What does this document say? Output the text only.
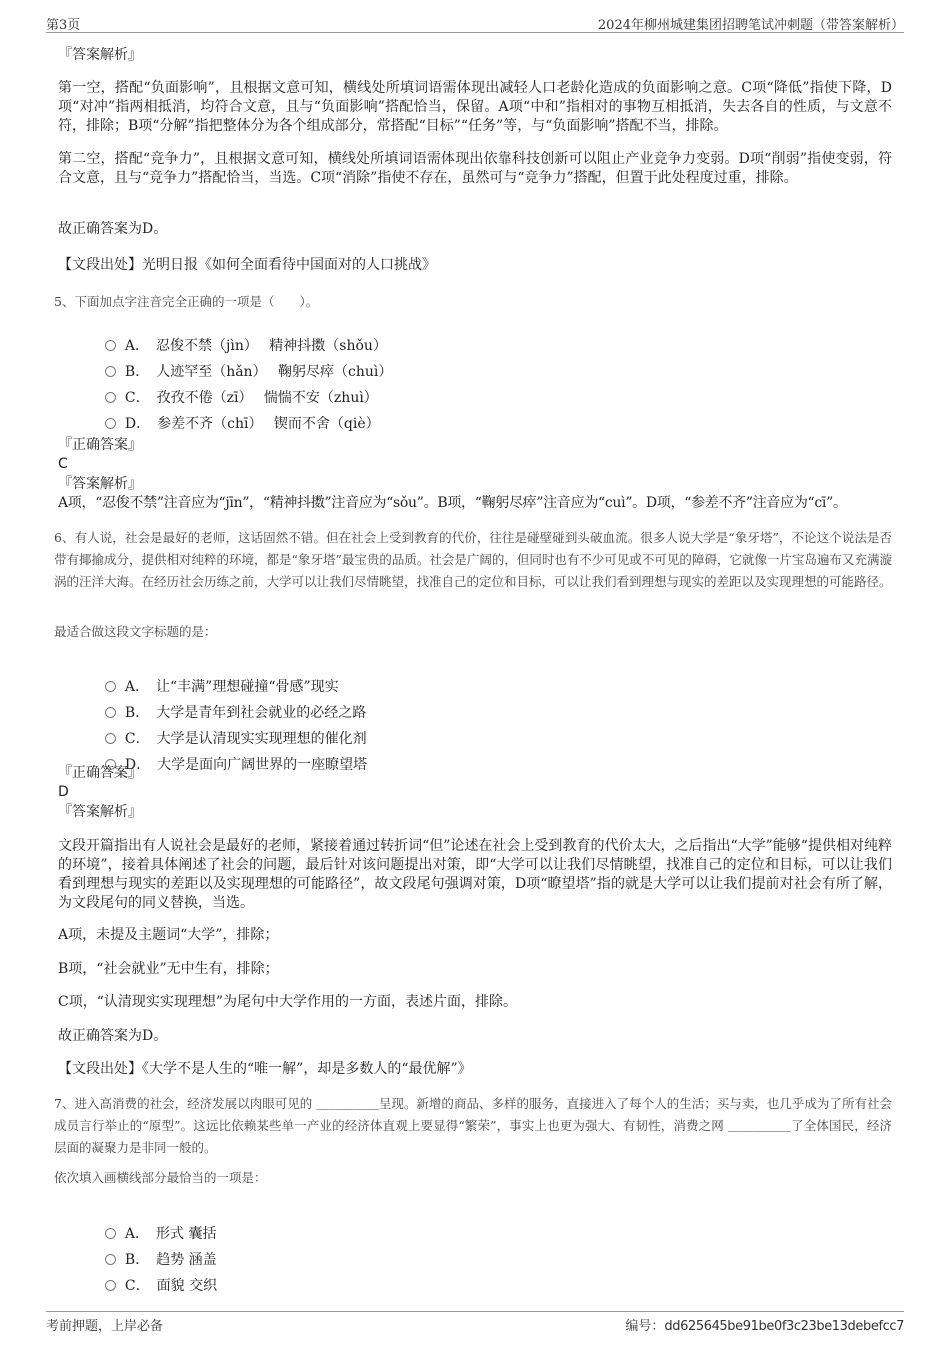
第3页	2024年柳州城建集团招聘笔试冲刺题（带答案解析）

『答案解析』

第一空，搭配“负面影响”，且根据文意可知，横线处所填词语需体现出减轻人口老龄化造成的负面影响之意。C项“降低”指使下降，D项“对冲”指两相抵消，均符合文意，且与“负面影响”搭配恰当，保留。A项“中和”指相对的事物互相抵消，失去各自的性质，与文意不符，排除；B项“分解”指把整体分为各个组成部分，常搭配“目标”“任务”等，与“负面影响”搭配不当，排除。

第二空，搭配“竞争力”，且根据文意可知，横线处所填词语需体现出依靠科技创新可以阻止产业竞争力变弱。D项“削弱”指使变弱，符合文意，且与“竞争力”搭配恰当，当选。C项“消除”指使不存在，虽然可与“竞争力”搭配，但置于此处程度过重，排除。

故正确答案为D。

【文段出处】光明日报《如何全面看待中国面对的人口挑战》

5、下面加点字注音完全正确的一项是（　　）。

A．　忍俊不禁（jìn）　 精神抖擞（shǒu）

B．　人迹罕至（hǎn）　 鞠躬尽瘁（chuì）

C．　孜孜不倦（zī）　 惴惴不安（zhuì）

D．　参差不齐（chī）　 锲而不舍（qiè）

『正确答案』

C

『答案解析』

A项，“忍俊不禁”注音应为“jīn”，“精神抖擞”注音应为“sǒu”。B项，“鞠躬尽瘁”注音应为“cuì”。D项，“参差不齐”注音应为“cī”。

6、有人说，社会是最好的老师，这话固然不错。但在社会上受到教育的代价，往往是碰壁碰到头破血流。很多人说大学是“象牙塔”，不论这个说法是否带有揶揄成分，提供相对纯粹的环境，都是“象牙塔”最宝贵的品质。社会是广阔的，但同时也有不少可见或不可见的障碍，它就像一片宝岛遍布又充满漩涡的汪洋大海。在经历社会历练之前，大学可以让我们尽情眺望，找准自己的定位和目标，可以让我们看到理想与现实的差距以及实现理想的可能路径。

最适合做这段文字标题的是：

A．　让“丰满”理想碰撞“骨感”现实

B．　大学是青年到社会就业的必经之路

C．　大学是认清现实实现理想的催化剂

D．　大学是面向广阔世界的一座瞭望塔

『正确答案』

D

『答案解析』

文段开篇指出有人说社会是最好的老师，紧接着通过转折词“但”论述在社会上受到教育的代价太大，之后指出“大学”能够“提供相对纯粹的环境”，接着具体阐述了社会的问题，最后针对该问题提出对策，即“大学可以让我们尽情眺望，找准自己的定位和目标，可以让我们看到理想与现实的差距以及实现理想的可能路径”，故文段尾句强调对策，D项“瞭望塔”指的就是大学可以让我们提前对社会有所了解，为文段尾句的同义替换，当选。

A项，未提及主题词“大学”，排除；

B项，“社会就业”无中生有，排除；

C项，“认清现实实现理想”为尾句中大学作用的一方面，表述片面，排除。

故正确答案为D。

【文段出处】《大学不是人生的“唯一解”，却是多数人的“最优解”》

7、进入高消费的社会，经济发展以肉眼可见的 ＿＿＿＿＿呈现。新增的商品、多样的服务，直接进入了每个人的生活；买与卖，也几乎成为了所有社会成员言行举止的“原型”。这远比依赖某些单一产业的经济体直观上要显得“繁荣”，事实上也更为强大、有韧性，消费之网 ＿＿＿＿＿了全体国民，经济层面的凝聚力是非同一般的。

依次填入画横线部分最恰当的一项是：

A．　形式 囊括

B．　趋势 涵盖

C．　面貌 交织

考前押题，上岸必备	编号：dd625645be91be0f3c23be13debefcc7
